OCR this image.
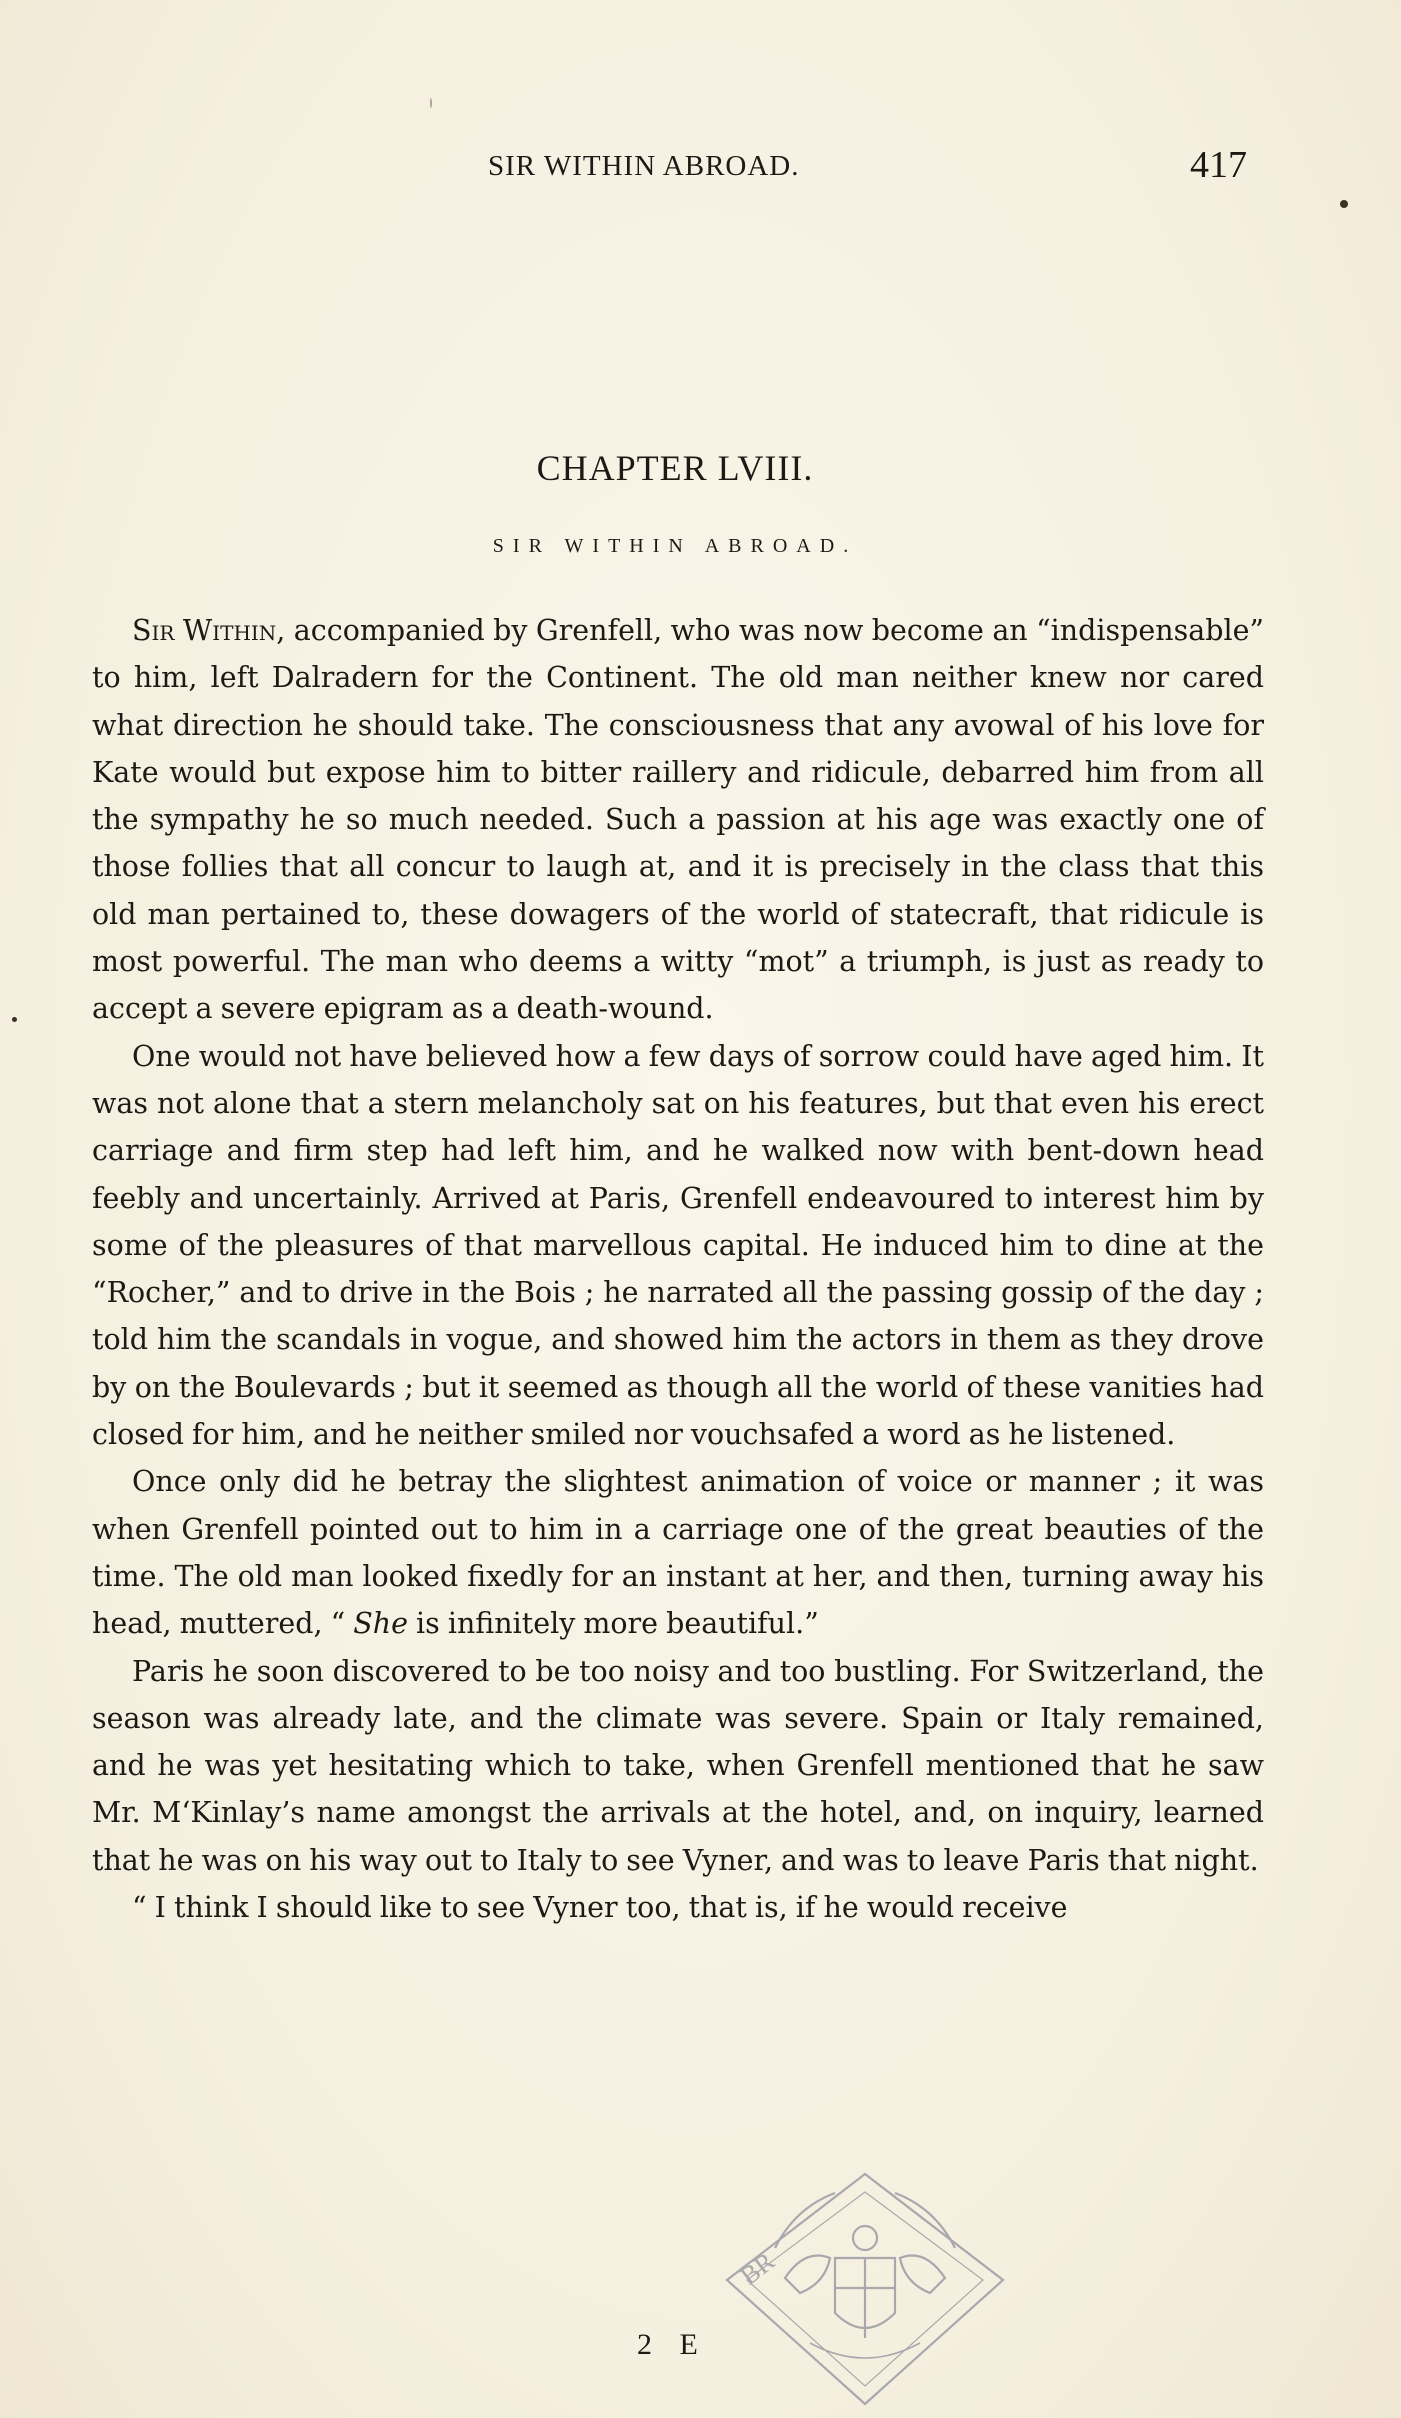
SIR WITHIN ABROAD.	417
CHAPTER LVIII.
SIR WITHIN ABROAD.

Sir Within, accompanied by Grenfell, who was now become an “indispensable” to him, left Dalradern for the Continent. The old man neither knew nor cared what direction he should take. The consciousness that any avowal of his love for Kate would but expose him to bitter raillery and ridicule, debarred him from all the sympathy he so much needed. Such a passion at his age was exactly one of those follies that all concur to laugh at, and it is precisely in the class that this old man pertained to, these dowagers of the world of statecraft, that ridicule is most powerful. The man who deems a witty “mot” a triumph, is just as ready to accept a severe epigram as a death-wound.

One would not have believed how a few days of sorrow could have aged him. It was not alone that a stern melancholy sat on his features, but that even his erect carriage and firm step had left him, and he walked now with bent-down head feebly and uncertainly. Arrived at Paris, Grenfell endeavoured to interest him by some of the pleasures of that marvellous capital. He induced him to dine at the “Rocher,” and to drive in the Bois ; he narrated all the passing gossip of the day ; told him the scandals in vogue, and showed him the actors in them as they drove by on the Boulevards ; but it seemed as though all the world of these vanities had closed for him, and he neither smiled nor vouchsafed a word as he listened.

Once only did he betray the slightest animation of voice or manner ; it was when Grenfell pointed out to him in a carriage one of the great beauties of the time. The old man looked fixedly for an instant at her, and then, turning away his head, muttered, “ She is infinitely more beautiful.”

Paris he soon discovered to be too noisy and too bustling. For Switzerland, the season was already late, and the climate was severe. Spain or Italy remained, and he was yet hesitating which to take, when Grenfell mentioned that he saw Mr. M‘Kinlay’s name amongst the arrivals at the hotel, and, on inquiry, learned that he was on his way out to Italy to see Vyner, and was to leave Paris that night.

“ I think I should like to see Vyner too, that is, if he would receive

2 E
BR
